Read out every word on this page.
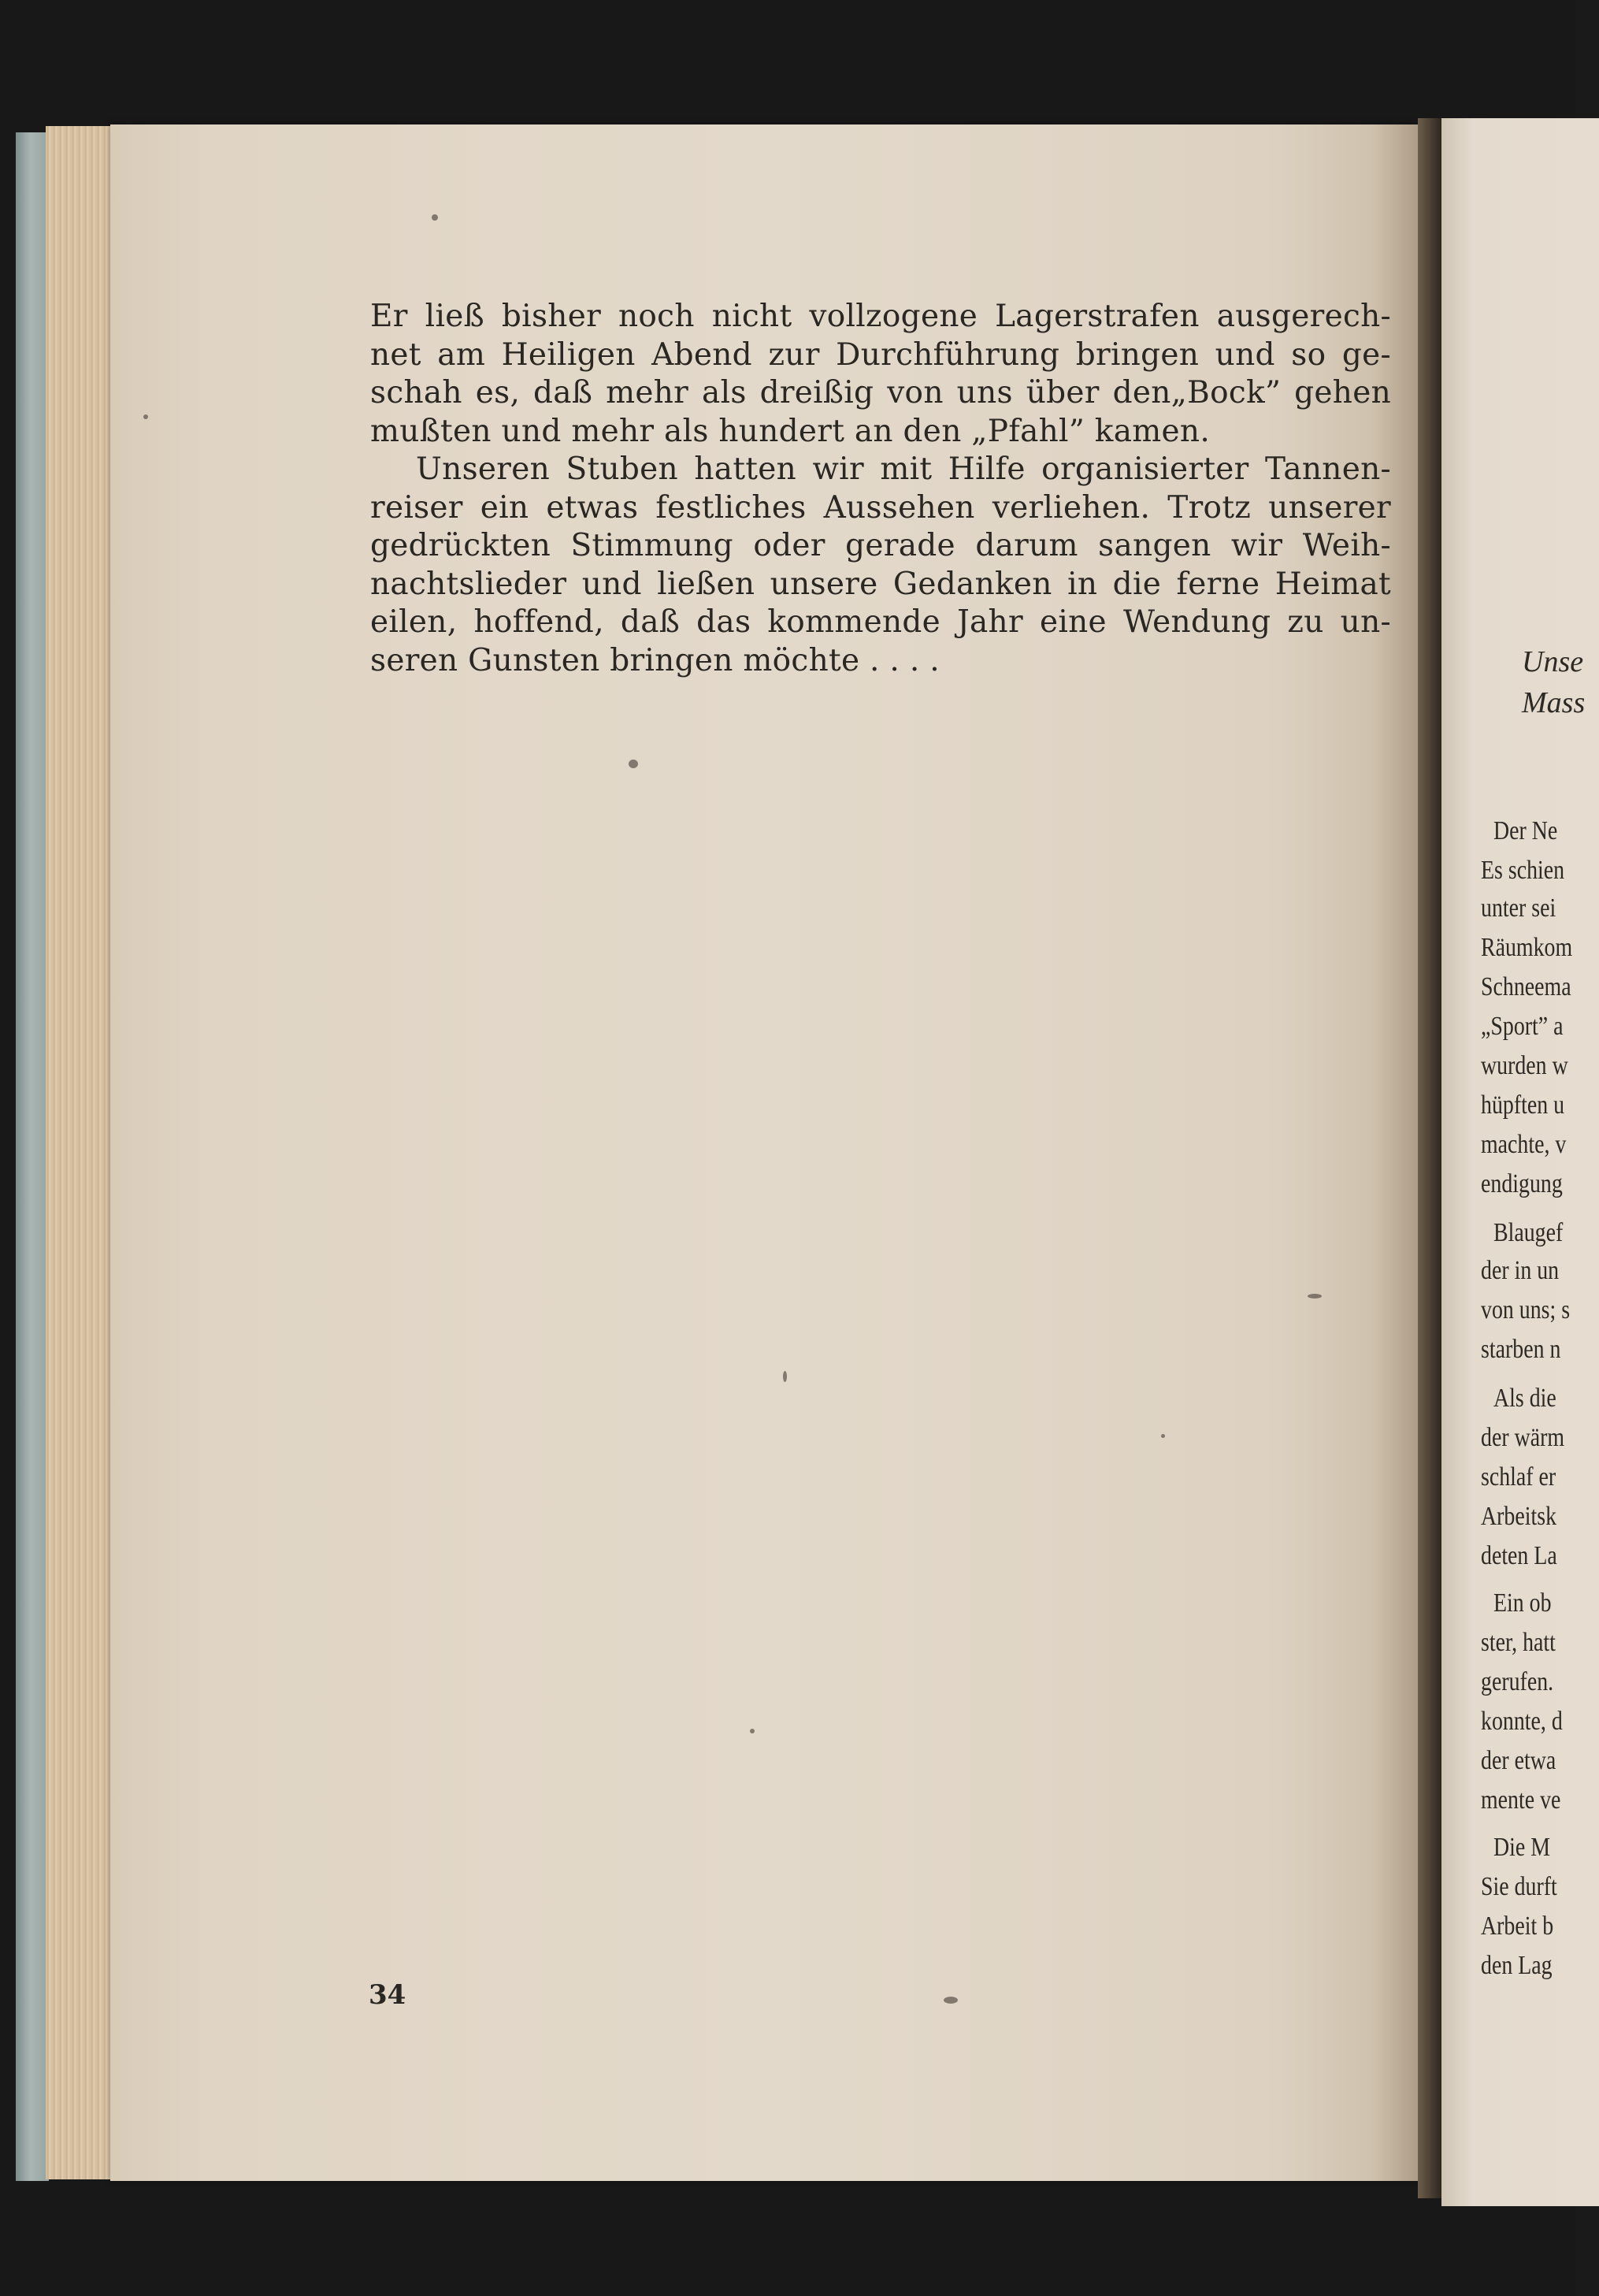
Er ließ bisher noch nicht vollzogene Lagerstrafen ausgerech-
net am Heiligen Abend zur Durchführung bringen und so ge-
schah es, daß mehr als dreißig von uns über den„Bock” gehen
mußten und mehr als hundert an den „Pfahl” kamen.

Unseren Stuben hatten wir mit Hilfe organisierter Tannen-
reiser ein etwas festliches Aussehen verliehen. Trotz unserer
gedrückten Stimmung oder gerade darum sangen wir Weih-
nachtslieder und ließen unsere Gedanken in die ferne Heimat
eilen, hoffend, daß das kommende Jahr eine Wendung zu un-
seren Gunsten bringen möchte . . . .

34
Unse
Mass
Der Ne
Es schien
unter sei
Räumkom
Schneema
„Sport” a
wurden w
hüpften u
machte, v
endigung
Blaugef
der in un
von uns; s
starben n
Als die
der wärm
schlaf er
Arbeitsk
deten La
Ein ob
ster, hatt
gerufen.
konnte, d
der etwa
mente ve
Die M
Sie durft
Arbeit b
den Lag
